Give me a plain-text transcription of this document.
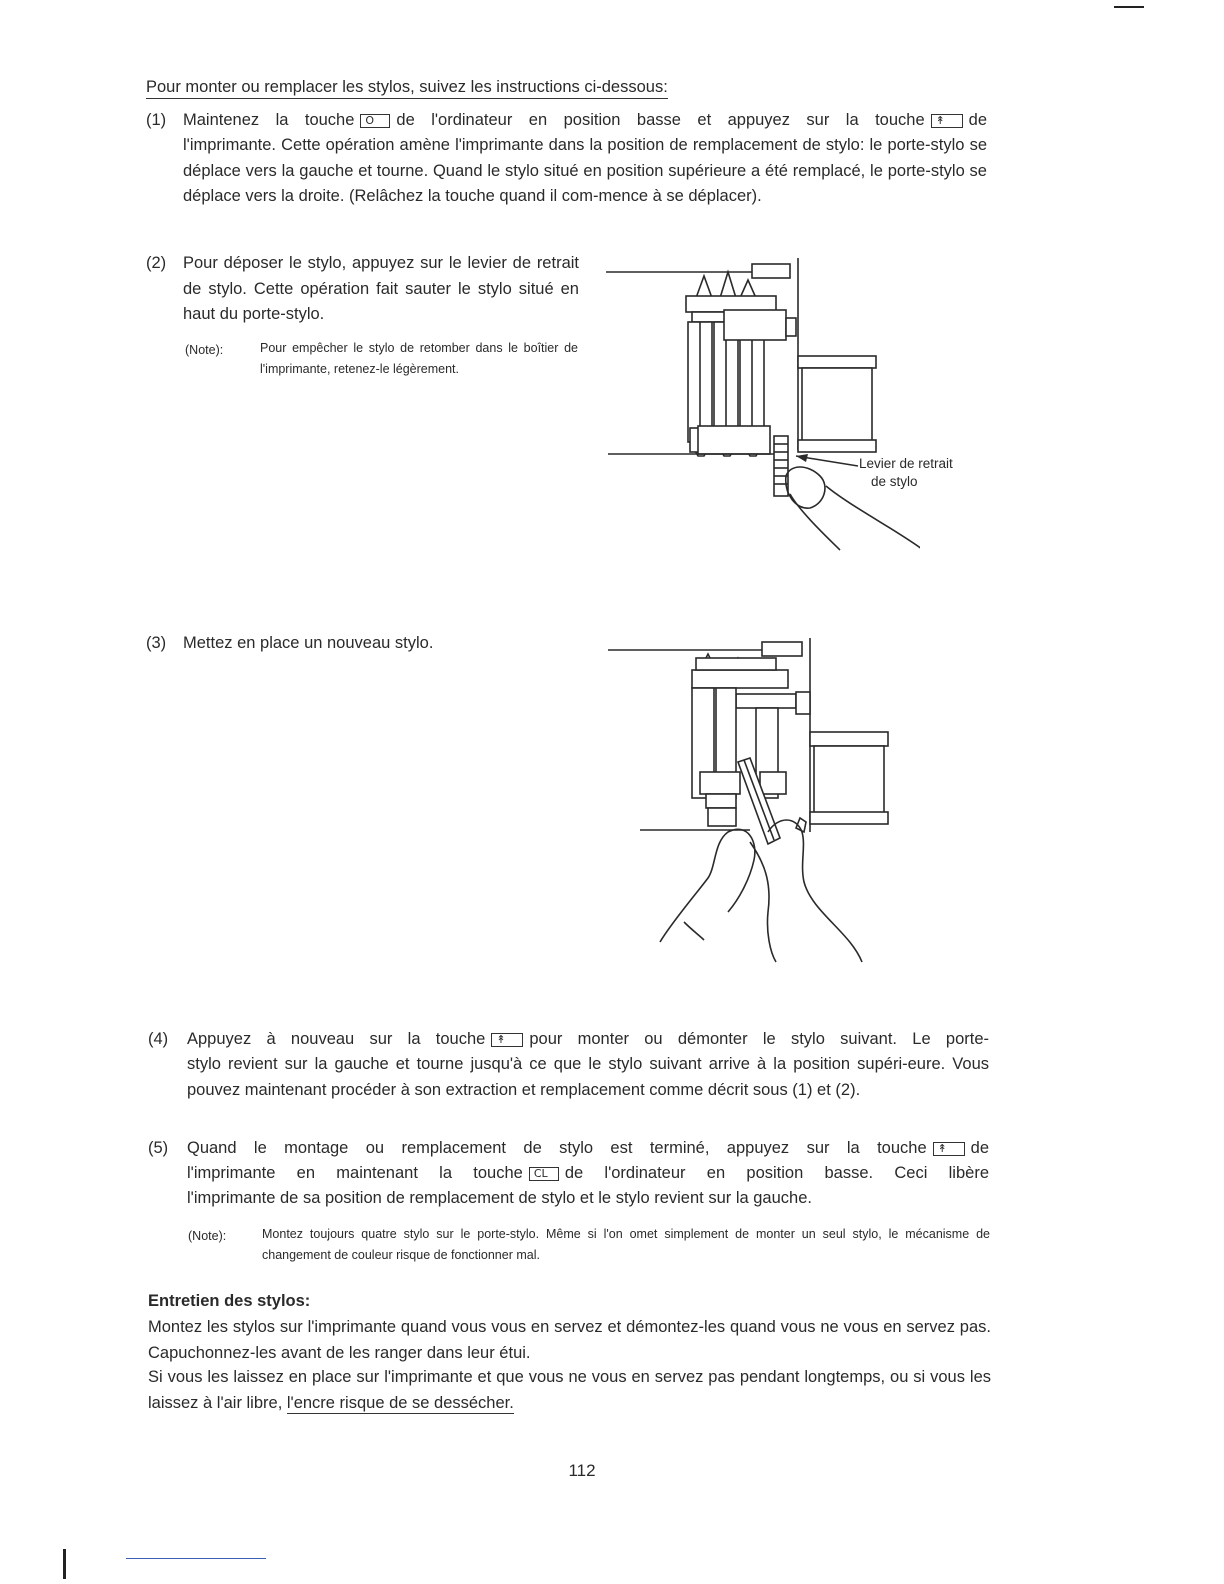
Pour monter ou remplacer les stylos, suivez les instructions ci-dessous:
(1) Maintenez la touche O de l'ordinateur en position basse et appuyez sur la touche ↟ de
l'imprimante. Cette opération amène l'imprimante dans la position de remplacement de stylo: le porte-stylo se déplace vers la gauche et tourne. Quand le stylo situé en position supérieure a été remplacé, le porte-stylo se déplace vers la droite. (Relâchez la touche quand il com-mence à se déplacer).
(2) Pour déposer le stylo, appuyez sur le levier de retrait de stylo. Cette opération fait sauter le stylo situé en haut du porte-stylo.
(Note):	Pour empêcher le stylo de retomber dans le boîtier de l'imprimante, retenez-le légèrement.
Levier de retrait
de stylo
(3) Mettez en place un nouveau stylo.
(4) Appuyez à nouveau sur la touche ↟ pour monter ou démonter le stylo suivant. Le porte-
stylo revient sur la gauche et tourne jusqu'à ce que le stylo suivant arrive à la position supéri-eure. Vous pouvez maintenant procéder à son extraction et remplacement comme décrit sous (1) et (2).
(5) Quand le montage ou remplacement de stylo est terminé, appuyez sur la touche ↟ de
l'imprimante en maintenant la touche CL de l'ordinateur en position basse. Ceci libère
l'imprimante de sa position de remplacement de stylo et le stylo revient sur la gauche.
(Note):	Montez toujours quatre stylo sur le porte-stylo. Même si l'on omet simplement de monter un seul stylo, le mécanisme de changement de couleur risque de fonctionner mal.
Entretien des stylos:
Montez les stylos sur l'imprimante quand vous vous en servez et démontez-les quand vous ne vous en servez pas. Capuchonnez-les avant de les ranger dans leur étui.
Si vous les laissez en place sur l'imprimante et que vous ne vous en servez pas pendant longtemps, ou si vous les laissez à l'air libre, l'encre risque de se dessécher.
112
